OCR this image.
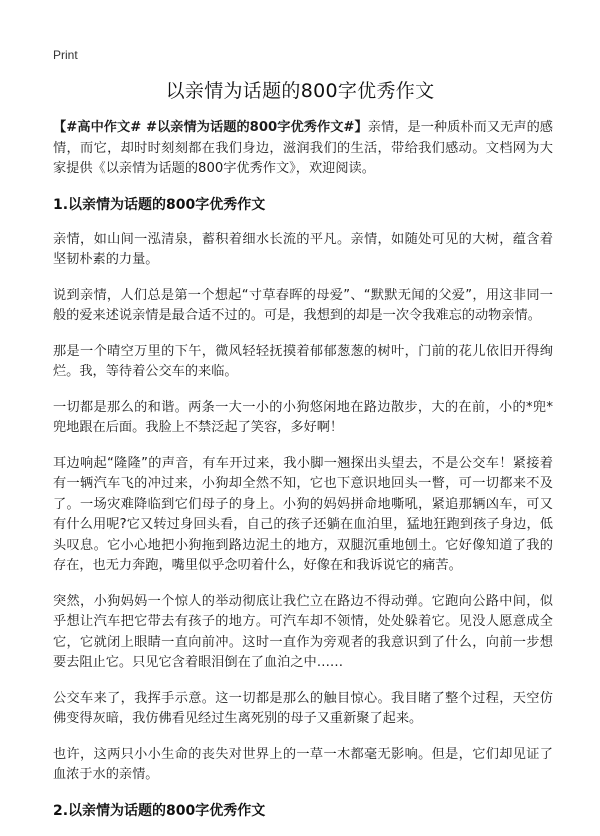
Print
以亲情为话题的800字优秀作文

【#高中作文# #以亲情为话题的800字优秀作文#】亲情，是一种质朴而又无声的感情，而它，却时时刻刻都在我们身边，滋润我们的生活，带给我们感动。文档网为大家提供《以亲情为话题的800字优秀作文》，欢迎阅读。

1.以亲情为话题的800字优秀作文

亲情，如山间一泓清泉，蓄积着细水长流的平凡。亲情，如随处可见的大树，蕴含着坚韧朴素的力量。

说到亲情，人们总是第一个想起“寸草春晖的母爱”、“默默无闻的父爱”，用这非同一般的爱来述说亲情是最合适不过的。可是，我想到的却是一次令我难忘的动物亲情。

那是一个晴空万里的下午，微风轻轻抚摸着郁郁葱葱的树叶，门前的花儿依旧开得绚烂。我，等待着公交车的来临。

一切都是那么的和谐。两条一大一小的小狗悠闲地在路边散步，大的在前，小的*兜*兜地跟在后面。我脸上不禁泛起了笑容，多好啊！

耳边响起“隆隆”的声音，有车开过来，我小脚一翘探出头望去，不是公交车！紧接着有一辆汽车飞的冲过来，小狗却全然不知，它也下意识地回头一瞥，可一切都来不及了。一场灾难降临到它们母子的身上。小狗的妈妈拼命地嘶吼，紧追那辆凶车，可又有什么用呢?它又转过身回头看，自己的孩子还躺在血泊里，猛地狂跑到孩子身边，低头叹息。它小心地把小狗拖到路边泥土的地方，双腿沉重地刨土。它好像知道了我的存在，也无力奔跑，嘴里似乎念叨着什么，好像在和我诉说它的痛苦。

突然，小狗妈妈一个惊人的举动彻底让我伫立在路边不得动弹。它跑向公路中间，似乎想让汽车把它带去有孩子的地方。可汽车却不领情，处处躲着它。见没人愿意成全它，它就闭上眼睛一直向前冲。这时一直作为旁观者的我意识到了什么，向前一步想要去阻止它。只见它含着眼泪倒在了血泊之中……

公交车来了，我挥手示意。这一切都是那么的触目惊心。我目睹了整个过程，天空仿佛变得灰暗，我仿佛看见经过生离死别的母子又重新聚了起来。

也许，这两只小小生命的丧失对世界上的一草一木都毫无影响。但是，它们却见证了血浓于水的亲情。

2.以亲情为话题的800字优秀作文
